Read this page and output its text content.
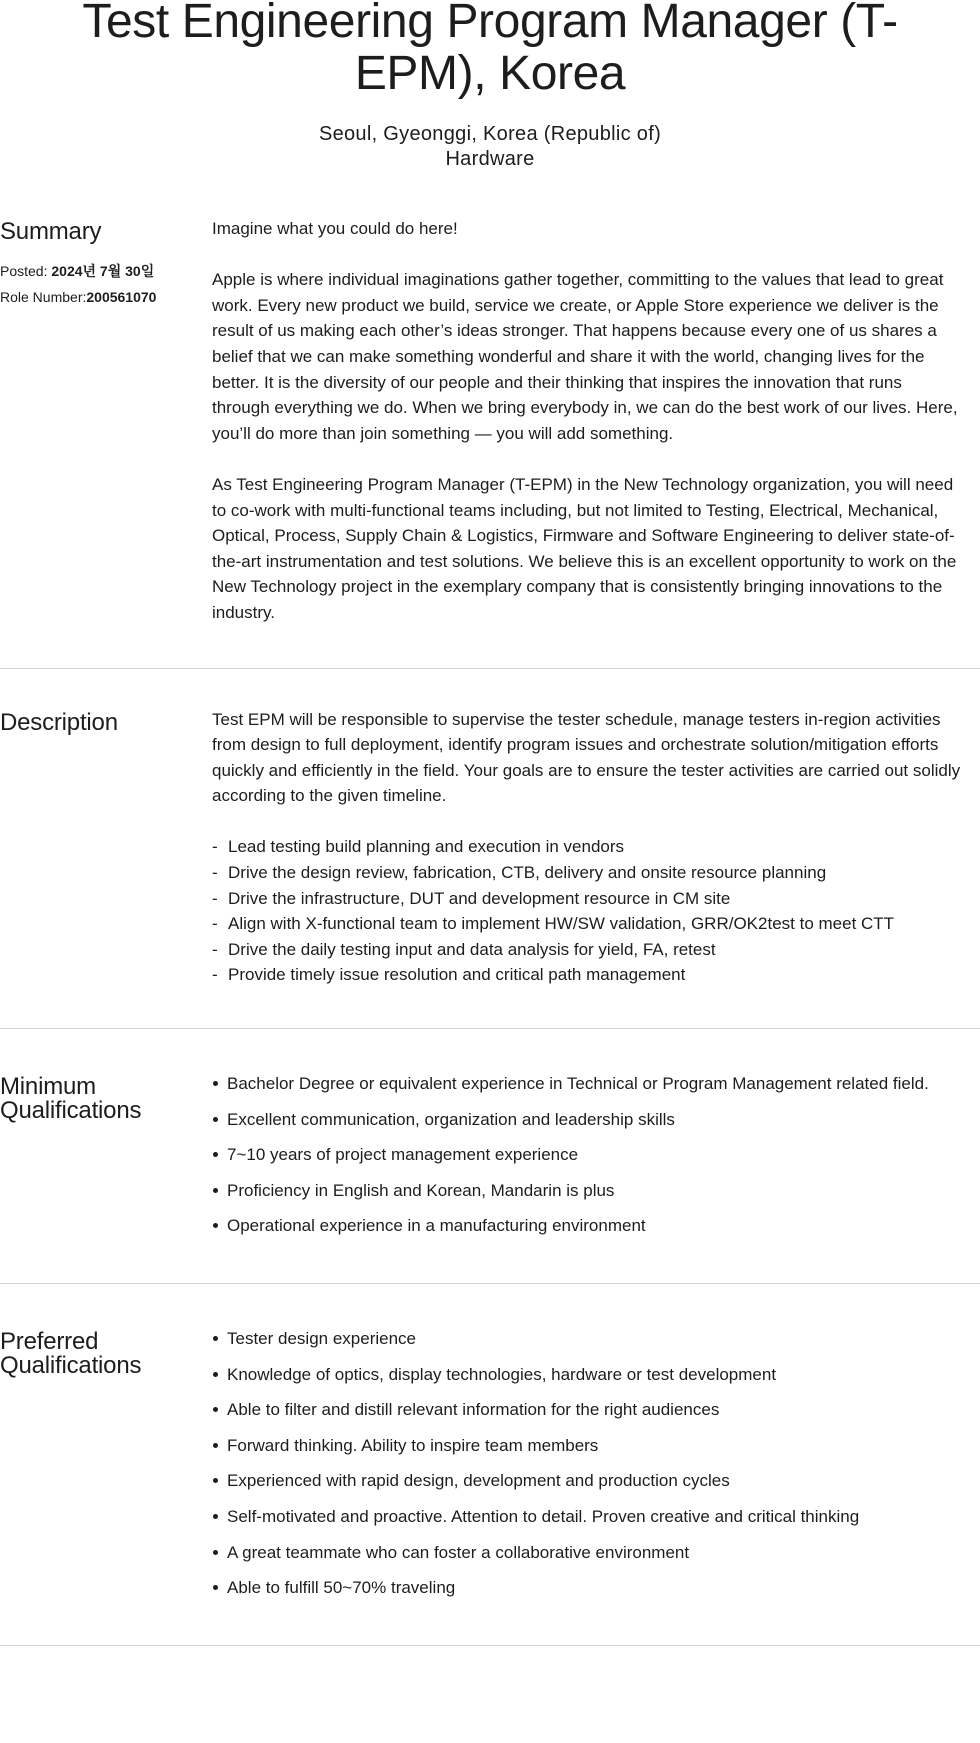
Test Engineering Program Manager (T-EPM), Korea
Seoul, Gyeonggi, Korea (Republic of)
Hardware
Summary
Posted: 2024년 7월 30일
Role Number:200561070

Imagine what you could do here!

Apple is where individual imaginations gather together, committing to the values that lead to great work. Every new product we build, service we create, or Apple Store experience we deliver is the result of us making each other’s ideas stronger. That happens because every one of us shares a belief that we can make something wonderful and share it with the world, changing lives for the better. It is the diversity of our people and their thinking that inspires the innovation that runs through everything we do. When we bring everybody in, we can do the best work of our lives. Here, you’ll do more than join something — you will add something.

As Test Engineering Program Manager (T-EPM) in the New Technology organization, you will need to co-work with multi-functional teams including, but not limited to Testing, Electrical, Mechanical, Optical, Process, Supply Chain & Logistics, Firmware and Software Engineering to deliver state-of-the-art instrumentation and test solutions. We believe this is an excellent opportunity to work on the New Technology project in the exemplary company that is consistently bringing innovations to the industry.

Description	Test EPM will be responsible to supervise the tester schedule, manage testers in-region activities from design to full deployment, identify program issues and orchestrate solution/mitigation efforts quickly and efficiently in the field. Your goals are to ensure the tester activities are carried out solidly according to the given timeline.

- Lead testing build planning and execution in vendors
- Drive the design review, fabrication, CTB, delivery and onsite resource planning
- Drive the infrastructure, DUT and development resource in CM site
- Align with X-functional team to implement HW/SW validation, GRR/OK2test to meet CTT
- Drive the daily testing input and data analysis for yield, FA, retest
- Provide timely issue resolution and critical path management
Minimum
Qualifications
Bachelor Degree or equivalent experience in Technical or Program Management related field.
Excellent communication, organization and leadership skills
7~10 years of project management experience
Proficiency in English and Korean, Mandarin is plus
Operational experience in a manufacturing environment
Preferred
Qualifications
Tester design experience
Knowledge of optics, display technologies, hardware or test development
Able to filter and distill relevant information for the right audiences
Forward thinking. Ability to inspire team members
Experienced with rapid design, development and production cycles
Self-motivated and proactive. Attention to detail. Proven creative and critical thinking
A great teammate who can foster a collaborative environment
Able to fulfill 50~70% traveling
